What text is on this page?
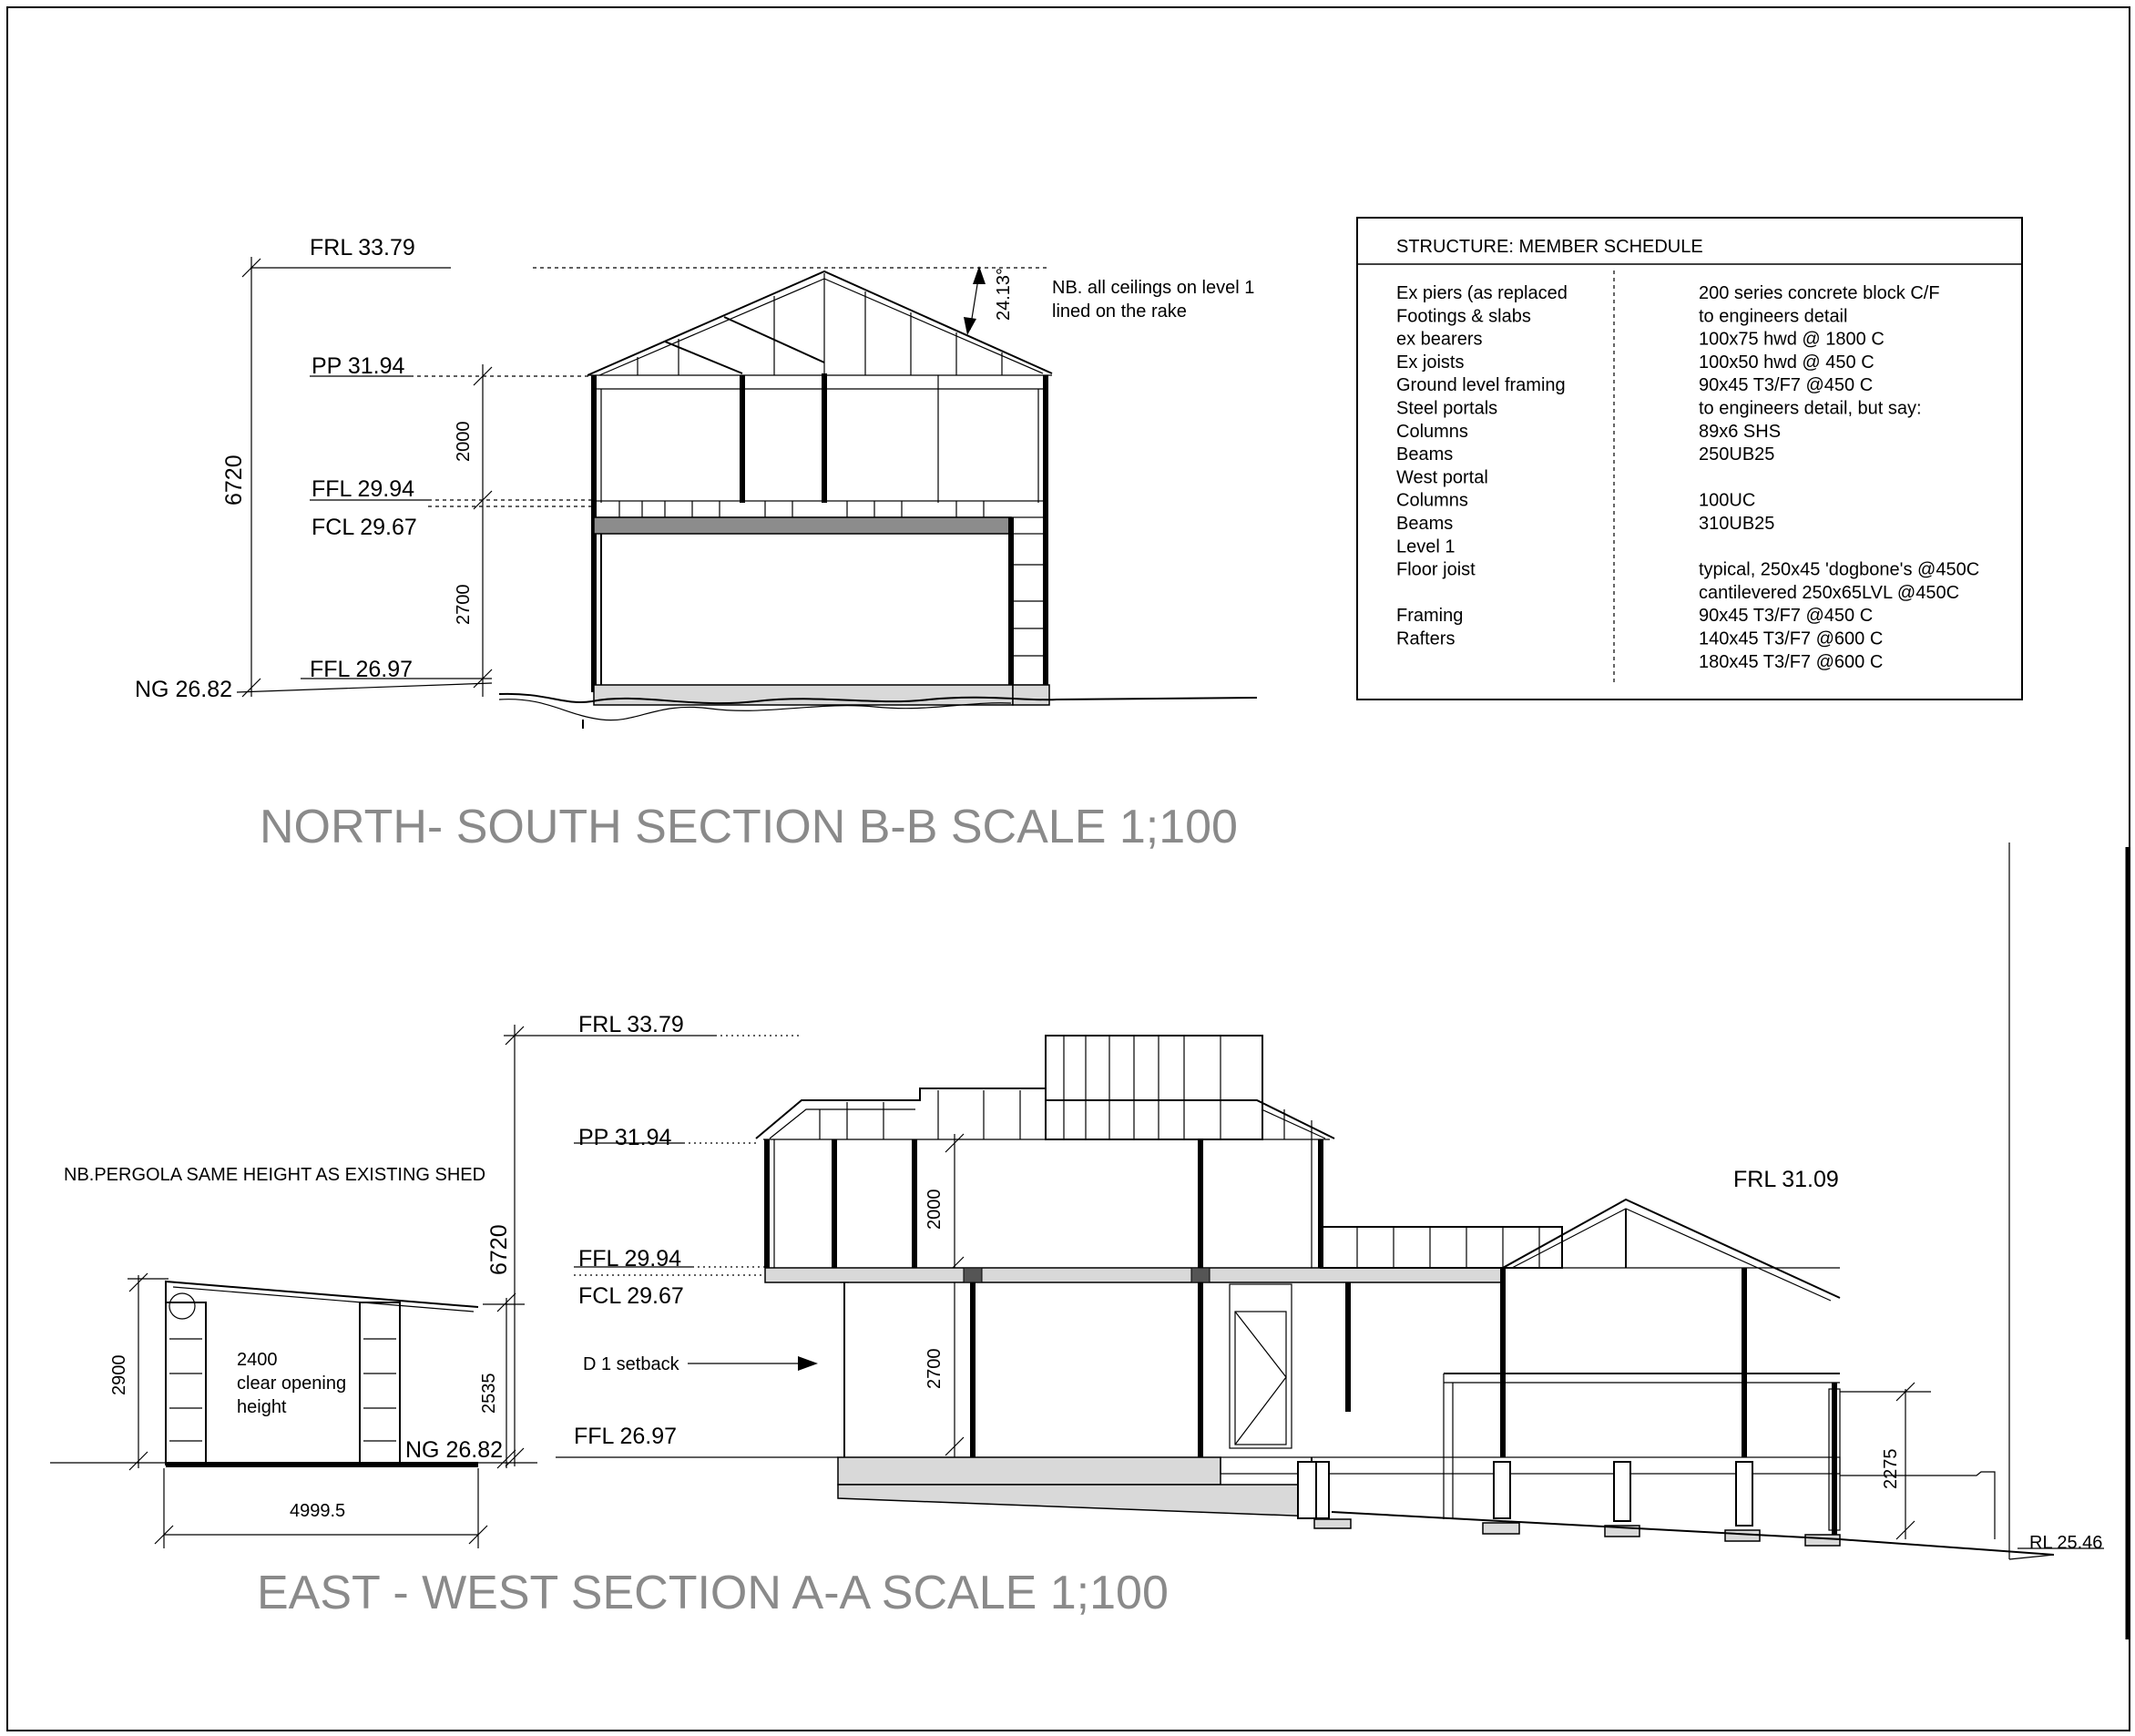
24.13°
FRL 33.79
PP 31.94
FFL 29.94
FCL 29.67
FFL 26.97
NG 26.82
6720
2000
2700
NB. all ceilings on level 1
lined on the rake
NORTH- SOUTH SECTION B-B SCALE 1;100
STRUCTURE: MEMBER SCHEDULE
Ex piers (as replaced	200 series concrete block C/F
Footings & slabs	to engineers detail
ex bearers	100x75 hwd @ 1800 C
Ex joists	100x50 hwd @ 450 C
Ground level framing	90x45 T3/F7 @450 C
Steel portals	to engineers detail, but say:
Columns	89x6 SHS
Beams	250UB25
West portal
Columns	100UC
Beams	310UB25
Level 1
Floor joist	typical, 250x45 'dogbone's @450C
cantilevered 250x65LVL @450C
Framing	90x45 T3/F7 @450 C
Rafters	140x45 T3/F7 @600 C
180x45 T3/F7 @600 C
FRL 33.79
PP 31.94
FFL 29.94
FCL 29.67
FFL 26.97
NG 26.82
FRL 31.09
RL 25.46
6720
2000
2700
2900	2535
4999.5
2275
NB.PERGOLA SAME HEIGHT AS EXISTING SHED
2400
clear opening
height
D 1 setback
EAST - WEST SECTION A-A SCALE 1;100
